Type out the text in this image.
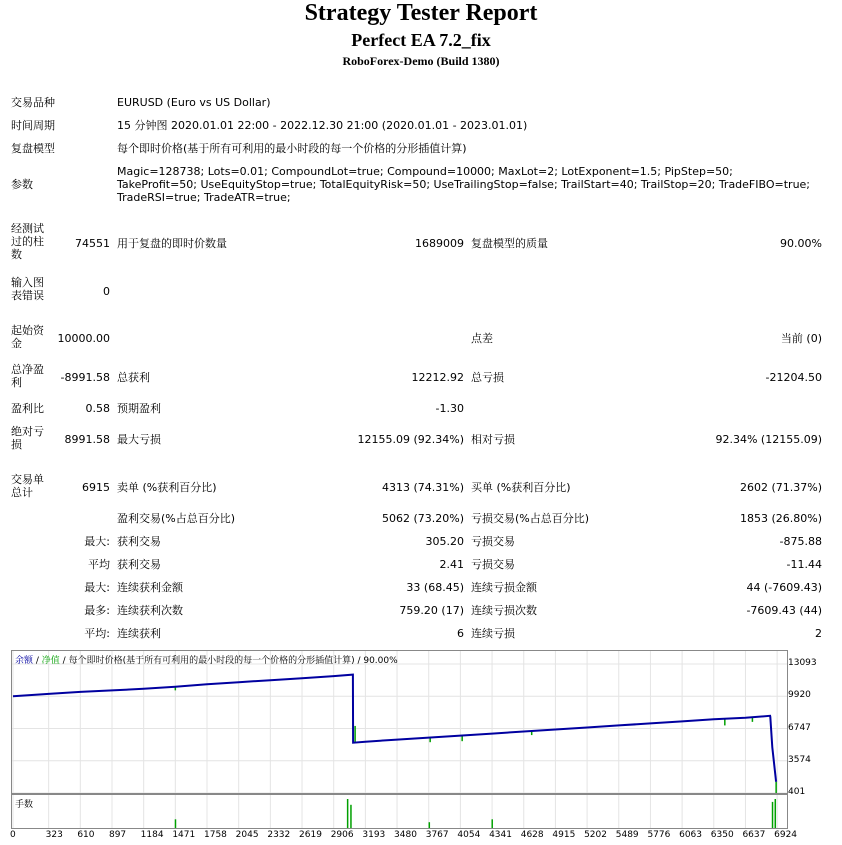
Strategy Tester Report
Perfect EA 7.2_fix
RoboForex-Demo (Build 1380)
交易品种	EURUSD (Euro vs US Dollar)
时间周期	15 分钟图 2020.01.01 22:00 - 2022.12.30 21:00 (2020.01.01 - 2023.01.01)
复盘模型	每个即时价格(基于所有可利用的最小时段的每一个价格的分形插值计算)
参数
Magic=128738; Lots=0.01; CompoundLot=true; Compound=10000; MaxLot=2; LotExponent=1.5; PipStep=50; TakeProfit=50; UseEquityStop=true; TotalEquityRisk=50; UseTrailingStop=false; TrailStart=40; TrailStop=20; TradeFIBO=true; TradeRSI=true; TradeATR=true;
经测试过的柱数
74551 用于复盘的即时价数量	1689009 复盘模型的质量	90.00%
输入图表错误	0
起始资金	10000.00	点差	当前 (0)
总净盈利	-8991.58 总获利	12212.92 总亏损	-21204.50
盈利比	0.58 预期盈利	-1.30
绝对亏损	8991.58 最大亏损	12155.09 (92.34%) 相对亏损	92.34% (12155.09)
交易单总计	6915 卖单 (%获利百分比)	4313 (74.31%) 买单 (%获利百分比)	2602 (71.37%)
盈利交易(%占总百分比)	5062 (73.20%) 亏损交易(%占总百分比)	1853 (26.80%)
最大: 获利交易	305.20 亏损交易	-875.88
平均 获利交易	2.41 亏损交易	-11.44
最大: 连续获利金额	33 (68.45) 连续亏损金额	44 (-7609.43)
最多: 连续获利次数	759.20 (17) 连续亏损次数	-7609.43 (44)
平均: 连续获利	6 连续亏损	2
余额 / 净值 / 每个即时价格(基于所有可利用的最小时段的每一个价格的分形插值计算) / 90.00%	13093
9920
6747
3574
401
手数
0	323 610 897 1184 1471 1758 2045 2332 2619 2906 3193 3480 3767 4054 4341 4628 4915 5202 5489 5776 6063 6350 6637 6924
